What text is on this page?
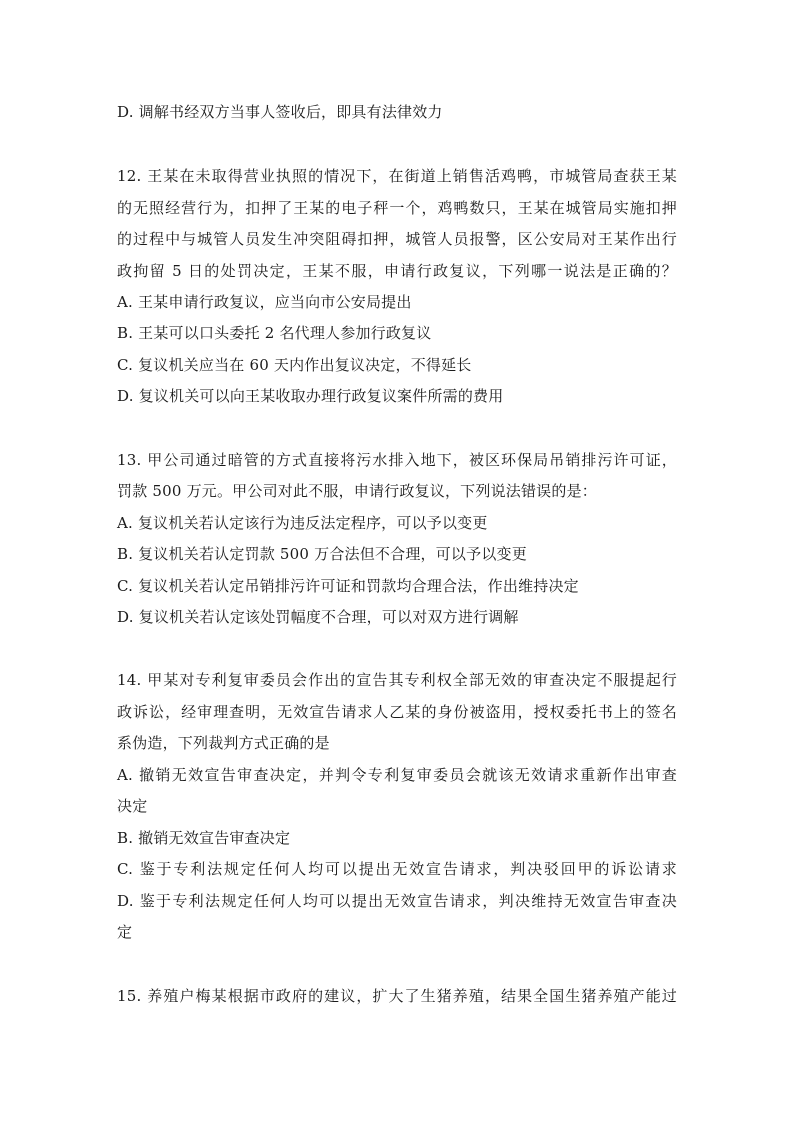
D. 调解书经双方当事人签收后，即具有法律效力
12. 王某在未取得营业执照的情况下，在街道上销售活鸡鸭，市城管局查获王某
的无照经营行为，扣押了王某的电子秤一个，鸡鸭数只，王某在城管局实施扣押
的过程中与城管人员发生冲突阻碍扣押，城管人员报警，区公安局对王某作出行
政拘留 5 日的处罚决定，王某不服，申请行政复议，下列哪一说法是正确的？
A. 王某申请行政复议，应当向市公安局提出
B. 王某可以口头委托 2 名代理人参加行政复议
C. 复议机关应当在 60 天内作出复议决定，不得延长
D. 复议机关可以向王某收取办理行政复议案件所需的费用
13. 甲公司通过暗管的方式直接将污水排入地下，被区环保局吊销排污许可证，
罚款 500 万元。甲公司对此不服，申请行政复议，下列说法错误的是：
A. 复议机关若认定该行为违反法定程序，可以予以变更
B. 复议机关若认定罚款 500 万合法但不合理，可以予以变更
C. 复议机关若认定吊销排污许可证和罚款均合理合法，作出维持决定
D. 复议机关若认定该处罚幅度不合理，可以对双方进行调解
14. 甲某对专利复审委员会作出的宣告其专利权全部无效的审查决定不服提起行
政诉讼，经审理查明，无效宣告请求人乙某的身份被盗用，授权委托书上的签名
系伪造，下列裁判方式正确的是
A. 撤销无效宣告审查决定，并判令专利复审委员会就该无效请求重新作出审查
决定
B. 撤销无效宣告审查决定
C. 鉴于专利法规定任何人均可以提出无效宣告请求，判决驳回甲的诉讼请求
D. 鉴于专利法规定任何人均可以提出无效宣告请求，判决维持无效宣告审查决
定
15. 养殖户梅某根据市政府的建议，扩大了生猪养殖，结果全国生猪养殖产能过
